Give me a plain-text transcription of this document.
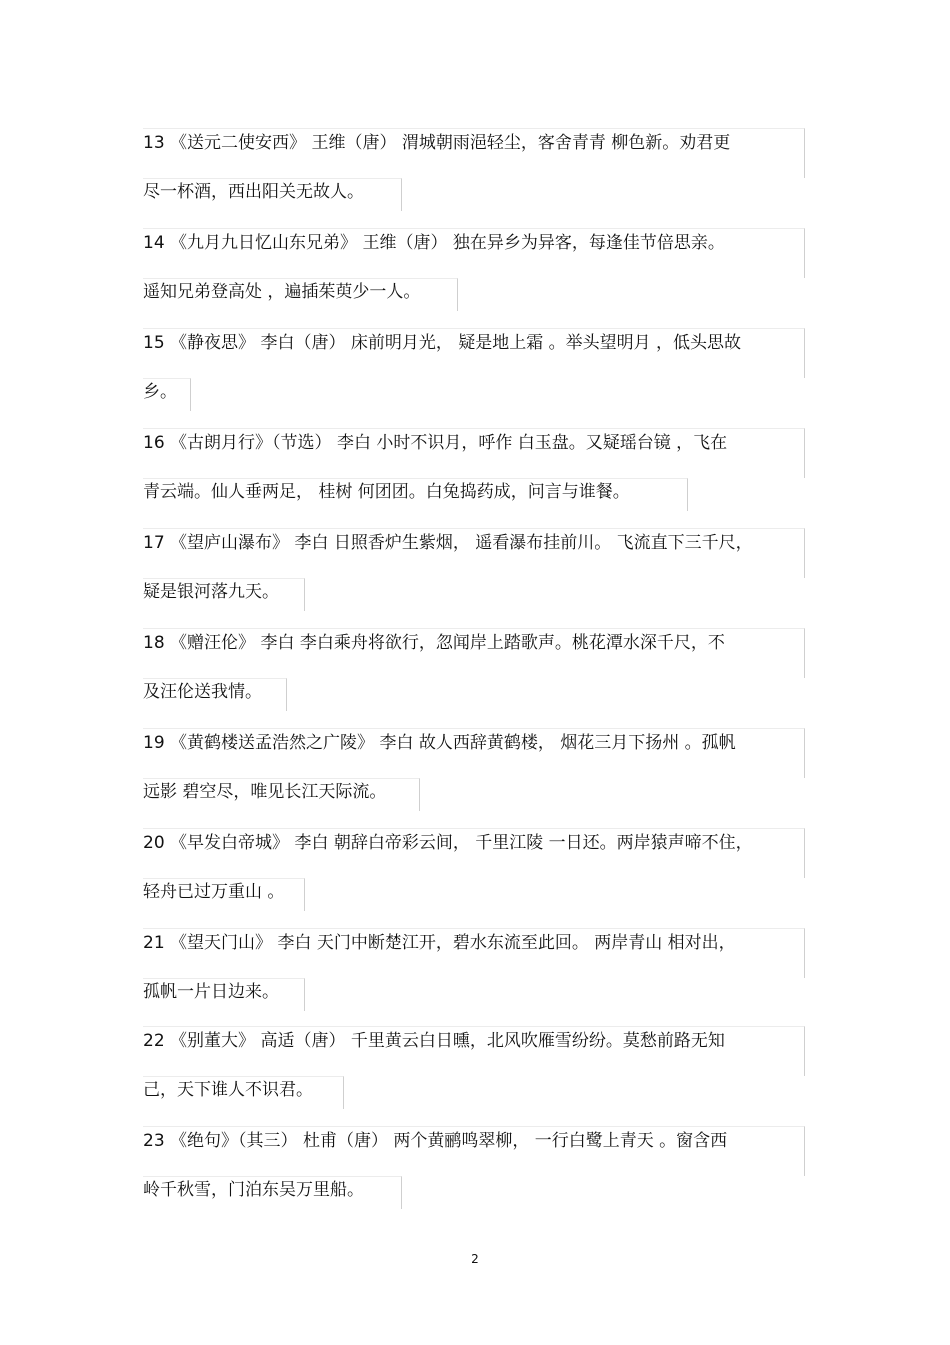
13 《送元二使安西》 王维（唐） 渭城朝雨浥轻尘，客舍青青 柳色新。劝君更
尽一杯酒，西出阳关无故人。
14 《九月九日忆山东兄弟》 王维（唐） 独在异乡为异客，每逢佳节倍思亲。
遥知兄弟登高处 ，遍插茱萸少一人。
15 《静夜思》 李白（唐） 床前明月光， 疑是地上霜 。举头望明月 ，低头思故
乡。
16 《古朗月行》（节选） 李白 小时不识月，呼作 白玉盘。又疑瑶台镜 ，飞在
青云端。仙人垂两足， 桂树 何团团。白兔捣药成，问言与谁餐。
17 《望庐山瀑布》 李白 日照香炉生紫烟， 遥看瀑布挂前川。 飞流直下三千尺，
疑是银河落九天。
18 《赠汪伦》 李白 李白乘舟将欲行，忽闻岸上踏歌声。桃花潭水深千尺，不
及汪伦送我情。
19 《黄鹤楼送孟浩然之广陵》 李白 故人西辞黄鹤楼， 烟花三月下扬州 。孤帆
远影 碧空尽，唯见长江天际流。
20 《早发白帝城》 李白 朝辞白帝彩云间， 千里江陵 一日还。两岸猿声啼不住，
轻舟已过万重山 。
21 《望天门山》 李白 天门中断楚江开，碧水东流至此回。 两岸青山 相对出，
孤帆一片日边来。
22 《别董大》 高适（唐） 千里黄云白日曛，北风吹雁雪纷纷。莫愁前路无知
己，天下谁人不识君。
23 《绝句》（其三） 杜甫（唐） 两个黄鹂鸣翠柳， 一行白鹭上青天 。窗含西
岭千秋雪，门泊东吴万里船。
2
